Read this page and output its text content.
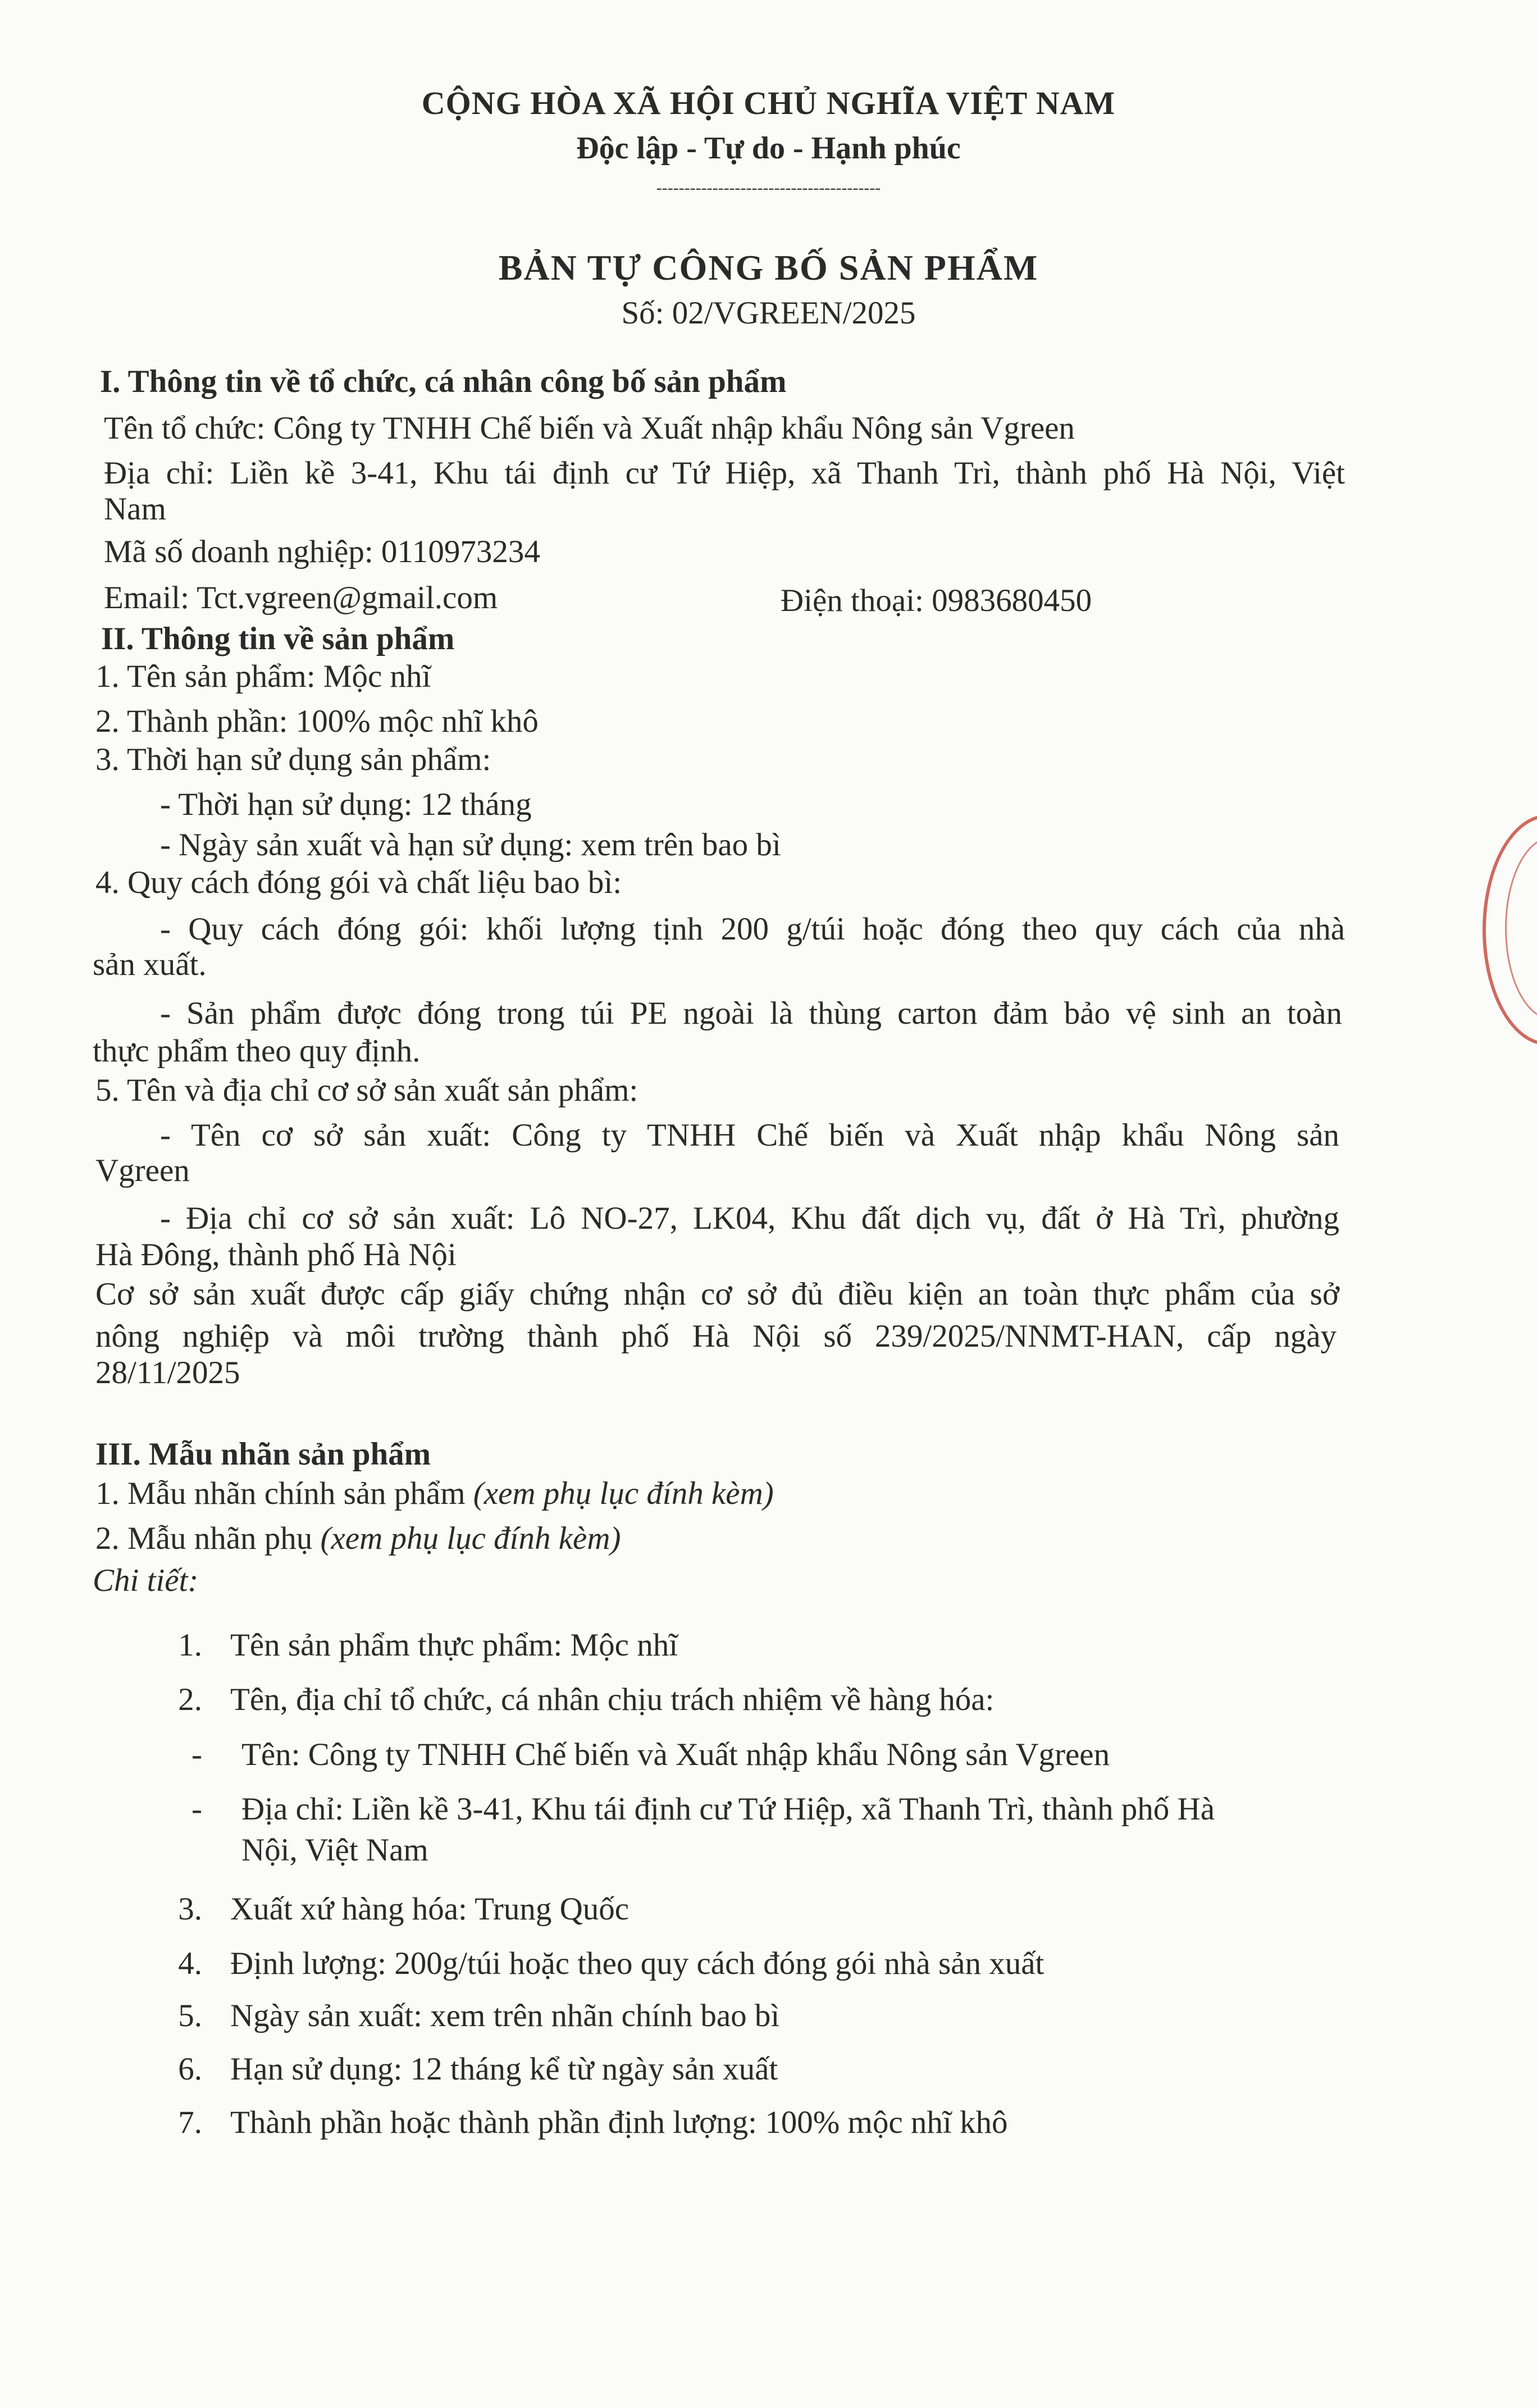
CỘNG HÒA XÃ HỘI CHỦ NGHĨA VIỆT NAM
Độc lập - Tự do - Hạnh phúc
----------------------------------------
BẢN TỰ CÔNG BỐ SẢN PHẨM
Số: 02/VGREEN/2025
I. Thông tin về tổ chức, cá nhân công bố sản phẩm
Tên tổ chức: Công ty TNHH Chế biến và Xuất nhập khẩu Nông sản Vgreen
Địa chỉ: Liền kề 3-41, Khu tái định cư Tứ Hiệp, xã Thanh Trì, thành phố Hà Nội, Việt
Nam
Mã số doanh nghiệp: 0110973234
Email: Tct.vgreen@gmail.com	Điện thoại: 0983680450
II. Thông tin về sản phẩm
1. Tên sản phẩm: Mộc nhĩ
2. Thành phần: 100% mộc nhĩ khô
3. Thời hạn sử dụng sản phẩm:
- Thời hạn sử dụng: 12 tháng
- Ngày sản xuất và hạn sử dụng: xem trên bao bì
4. Quy cách đóng gói và chất liệu bao bì:
- Quy cách đóng gói: khối lượng tịnh 200 g/túi hoặc đóng theo quy cách của nhà
sản xuất.
- Sản phẩm được đóng trong túi PE ngoài là thùng carton đảm bảo vệ sinh an toàn
thực phẩm theo quy định.
5. Tên và địa chỉ cơ sở sản xuất sản phẩm:
- Tên cơ sở sản xuất: Công ty TNHH Chế biến và Xuất nhập khẩu Nông sản
Vgreen
- Địa chỉ cơ sở sản xuất: Lô NO-27, LK04, Khu đất dịch vụ, đất ở Hà Trì, phường
Hà Đông, thành phố Hà Nội
Cơ sở sản xuất được cấp giấy chứng nhận cơ sở đủ điều kiện an toàn thực phẩm của sở
nông nghiệp và môi trường thành phố Hà Nội số 239/2025/NNMT-HAN, cấp ngày
28/11/2025
III. Mẫu nhãn sản phẩm
1. Mẫu nhãn chính sản phẩm (xem phụ lục đính kèm)
2. Mẫu nhãn phụ (xem phụ lục đính kèm)
Chi tiết:
1. Tên sản phẩm thực phẩm: Mộc nhĩ
2. Tên, địa chỉ tổ chức, cá nhân chịu trách nhiệm về hàng hóa:
- Tên: Công ty TNHH Chế biến và Xuất nhập khẩu Nông sản Vgreen
- Địa chỉ: Liền kề 3-41, Khu tái định cư Tứ Hiệp, xã Thanh Trì, thành phố Hà
Nội, Việt Nam
3. Xuất xứ hàng hóa: Trung Quốc
4. Định lượng: 200g/túi hoặc theo quy cách đóng gói nhà sản xuất
5. Ngày sản xuất: xem trên nhãn chính bao bì
6. Hạn sử dụng: 12 tháng kể từ ngày sản xuất
7. Thành phần hoặc thành phần định lượng: 100% mộc nhĩ khô
